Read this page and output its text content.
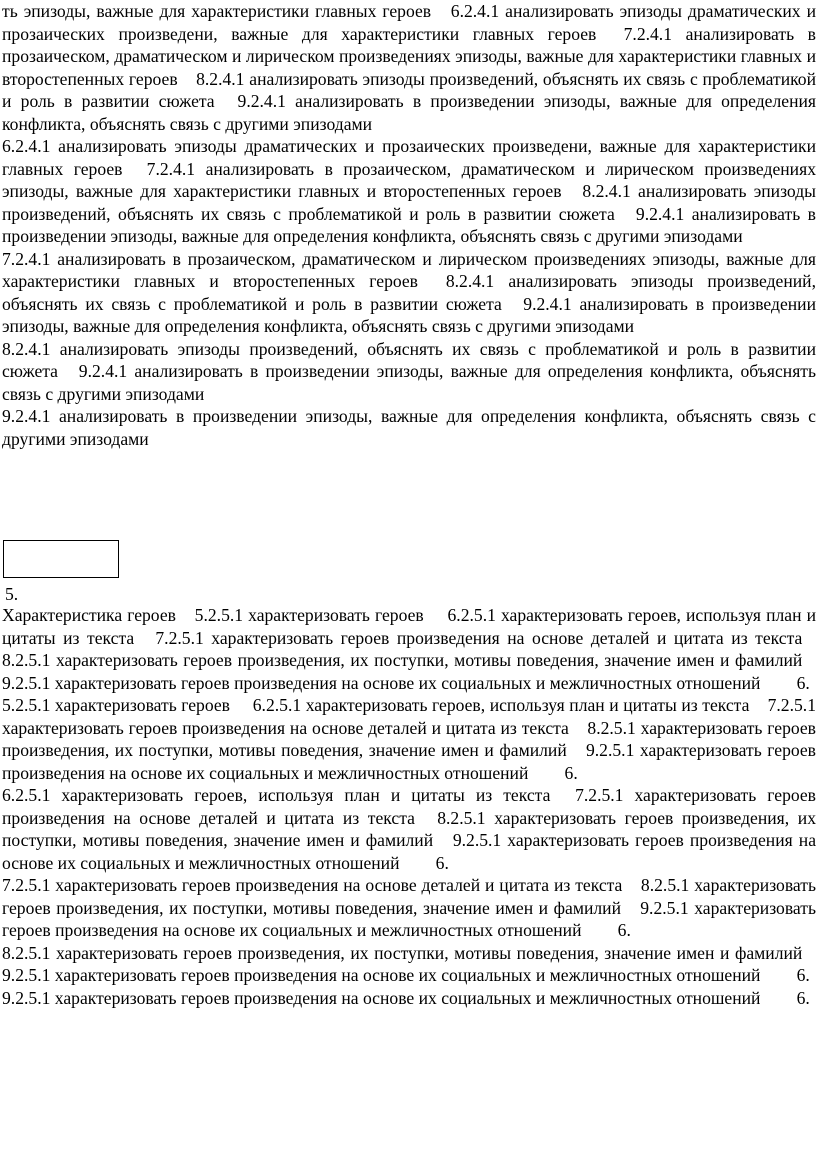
ть эпизоды, важные для характеристики главных героев 6.2.4.1 анализировать эпизоды драматических и прозаических произведени, важные для характеристики главных героев 7.2.4.1 анализировать в прозаическом, драматическом и лирическом произведениях эпизоды, важные для характеристики главных и второстепенных героев 8.2.4.1 анализировать эпизоды произведений, объяснять их связь с проблематикой и роль в развитии сюжета 9.2.4.1 анализировать в произведении эпизоды, важные для определения конфликта, объяснять связь с другими эпизодами

6.2.4.1 анализировать эпизоды драматических и прозаических произведени, важные для характеристики главных героев 7.2.4.1 анализировать в прозаическом, драматическом и лирическом произведениях эпизоды, важные для характеристики главных и второстепенных героев 8.2.4.1 анализировать эпизоды произведений, объяснять их связь с проблематикой и роль в развитии сюжета 9.2.4.1 анализировать в произведении эпизоды, важные для определения конфликта, объяснять связь с другими эпизодами

7.2.4.1 анализировать в прозаическом, драматическом и лирическом произведениях эпизоды, важные для характеристики главных и второстепенных героев 8.2.4.1 анализировать эпизоды произведений, объяснять их связь с проблематикой и роль в развитии сюжета 9.2.4.1 анализировать в произведении эпизоды, важные для определения конфликта, объяснять связь с другими эпизодами

8.2.4.1 анализировать эпизоды произведений, объяснять их связь с проблематикой и роль в развитии сюжета 9.2.4.1 анализировать в произведении эпизоды, важные для определения конфликта, объяснять связь с другими эпизодами

9.2.4.1 анализировать в произведении эпизоды, важные для определения конфликта, объяснять связь с другими эпизодами

5.

Характеристика героев 5.2.5.1 характеризовать героев 6.2.5.1 характеризовать героев, используя план и цитаты из текста 7.2.5.1 характеризовать героев произведения на основе деталей и цитата из текста 8.2.5.1 характеризовать героев произведения, их поступки, мотивы поведения, значение имен и фамилий 9.2.5.1 характеризовать героев произведения на основе их социальных и межличностных отношений 6.

5.2.5.1 характеризовать героев 6.2.5.1 характеризовать героев, используя план и цитаты из текста 7.2.5.1 характеризовать героев произведения на основе деталей и цитата из текста 8.2.5.1 характеризовать героев произведения, их поступки, мотивы поведения, значение имен и фамилий 9.2.5.1 характеризовать героев произведения на основе их социальных и межличностных отношений 6.

6.2.5.1 характеризовать героев, используя план и цитаты из текста 7.2.5.1 характеризовать героев произведения на основе деталей и цитата из текста 8.2.5.1 характеризовать героев произведения, их поступки, мотивы поведения, значение имен и фамилий 9.2.5.1 характеризовать героев произведения на основе их социальных и межличностных отношений 6.

7.2.5.1 характеризовать героев произведения на основе деталей и цитата из текста 8.2.5.1 характеризовать героев произведения, их поступки, мотивы поведения, значение имен и фамилий 9.2.5.1 характеризовать героев произведения на основе их социальных и межличностных отношений 6.

8.2.5.1 характеризовать героев произведения, их поступки, мотивы поведения, значение имен и фамилий 9.2.5.1 характеризовать героев произведения на основе их социальных и межличностных отношений 6.

9.2.5.1 характеризовать героев произведения на основе их социальных и межличностных отношений 6.
